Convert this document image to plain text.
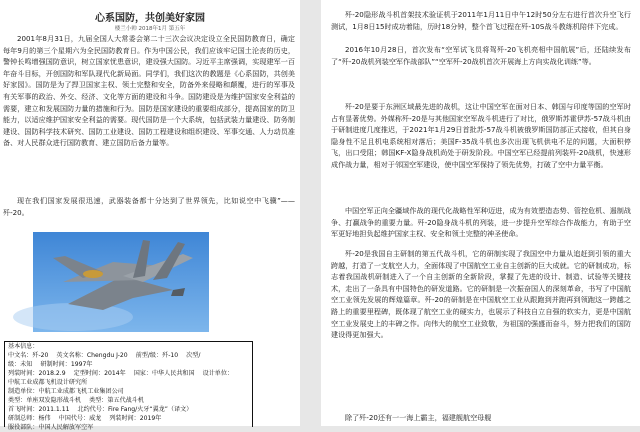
心系国防，共创美好家园
楼兰小帅 2018年1月 第五年

2001年8月31日，九届全国人大常委会第二十三次会议决定设立全民国防教育日，确定每年9月的第三个星期六为全民国防教育日。作为中国公民，我们应该牢记国土沦丧的历史，警钟长鸣增强国防意识，树立国家忧患意识，建设强大国防。习近平主席强调，实现建军一百年奋斗目标，开创国防和军队现代化新局面。同学们，我们这次的教题是《心系国防，共创美好家园》。国防是为了捍卫国家主权、领土完整和安全，防备外来侵略和颠覆，进行的军事及有关军事的政治、外交、经济、文化等方面的建设和斗争。国防建设是为维护国家安全利益的需要，建立和发展国防力量的措施和行为。国防是国家建设的重要组成部分，提高国家的防卫能力，以适应维护国家安全利益的需要。现代国防是一个大系统，包括武装力量建设、防务制建设、国防科学技术研究、国防工业建设、国防工程建设和组织建设、军事交通、人力动员准备、对人民群众进行国防教育、建立国防后备力量等。

现在我们国家发展很迅速，武器装备都十分达到了世界领先，比如说空中飞骥”——歼-20。

基本信息：
中文名：歼-20 英文名称：Chengdu J-20 前型/级：歼-10 次型/
级：未知 研制时间：1997年
列装时间：2018.2.9 定型时间：2014年 国家：中华人民共和国 设计单位：
中航工业成都飞机设计研究所
制造单位：中航工业成都飞机工业集团公司
类型：单座双发隐形战斗机 类型：第五代战斗机
首飞时间：2011.1.11 北约代号：Fire Fang/火牙“翼龙”（译文）
研制总师：杨伟 中国代号：威龙 列装时间：2019年
服役部队：中国人民解放军空军

歼-20隐形战斗机首架技术验证机于2011年1月11日中午12时50分左右进行首次升空飞行测试，1月8日15时成功着陆，历时18分钟，整个首飞过程在歼-10S战斗教练机陪伴下完成。

2016年10月28日，首次发布“空军试飞员将驾歼-20飞机亮相中国航展”后，还陆续发布了“歼-20战机列装空军作战部队”“空军歼-20战机首次开展海上方向实战化训练”等。

歼-20是要于东洲区域最先进的战机，这让中国空军在面对日本、韩国与印度等国的空军时占有显著优势。外媒称歼-20是与其他国家空军战斗机进行了对比，俄罗斯苏霍伊苏-57战斗机由于研制进度几度推迟，于2021年1月29日首批苏-57战斗机被俄罗斯国防部正式接收，但其自身隐身性不足且机电系统相对落后；美国F-35战斗机也多次出现飞机供电不足的问题，大面积停飞，出口受阻；韩国KF-X隐身战机尚处于研发阶段。中国空军已经提前列装歼-20战机，快速形成作战力量，相对于邻国空军建设，使中国空军保持了领先优势，打破了空中力量平衡。

中国空军正向全疆域作战的现代化战略性军种迈进，成为有效塑造态势、管控危机、遏制战争、打赢战争的重要力量。歼-20隐身战斗机的列装，进一步提升空军综合作战能力，有助于空军更好地担负起维护国家主权、安全和领土完整的神圣使命。

歼-20是我国自主研制的第五代战斗机，它的研制实现了我国空中力量从追赶到引领的重大跨越，打造了一支航空人力，全面体现了中国航空工业自主创新的巨大成就。它的研制成功，标志着我国战机研制进入了一个自主创新的全新阶段，掌握了先进的设计、制造、试验等关键技术，走出了一条具有中国特色的研发道路。它的研制是一次振奋国人的深刻革命，书写了中国航空工业领先发展的辉煌篇章。歼-20的研制是在中国航空工业从跟跑到并跑再到领跑这一跨越之路上的重要里程碑，既体现了航空工业的硬实力，也展示了科技自立自强的软实力，更是中国航空工业发展史上的丰碑之作。向伟大的航空工业致敬，为祖国的强盛而奋斗，努力把我们的国防建设得更加强大。

除了歼-20还有一一海上霸主，福建舰航空母舰
